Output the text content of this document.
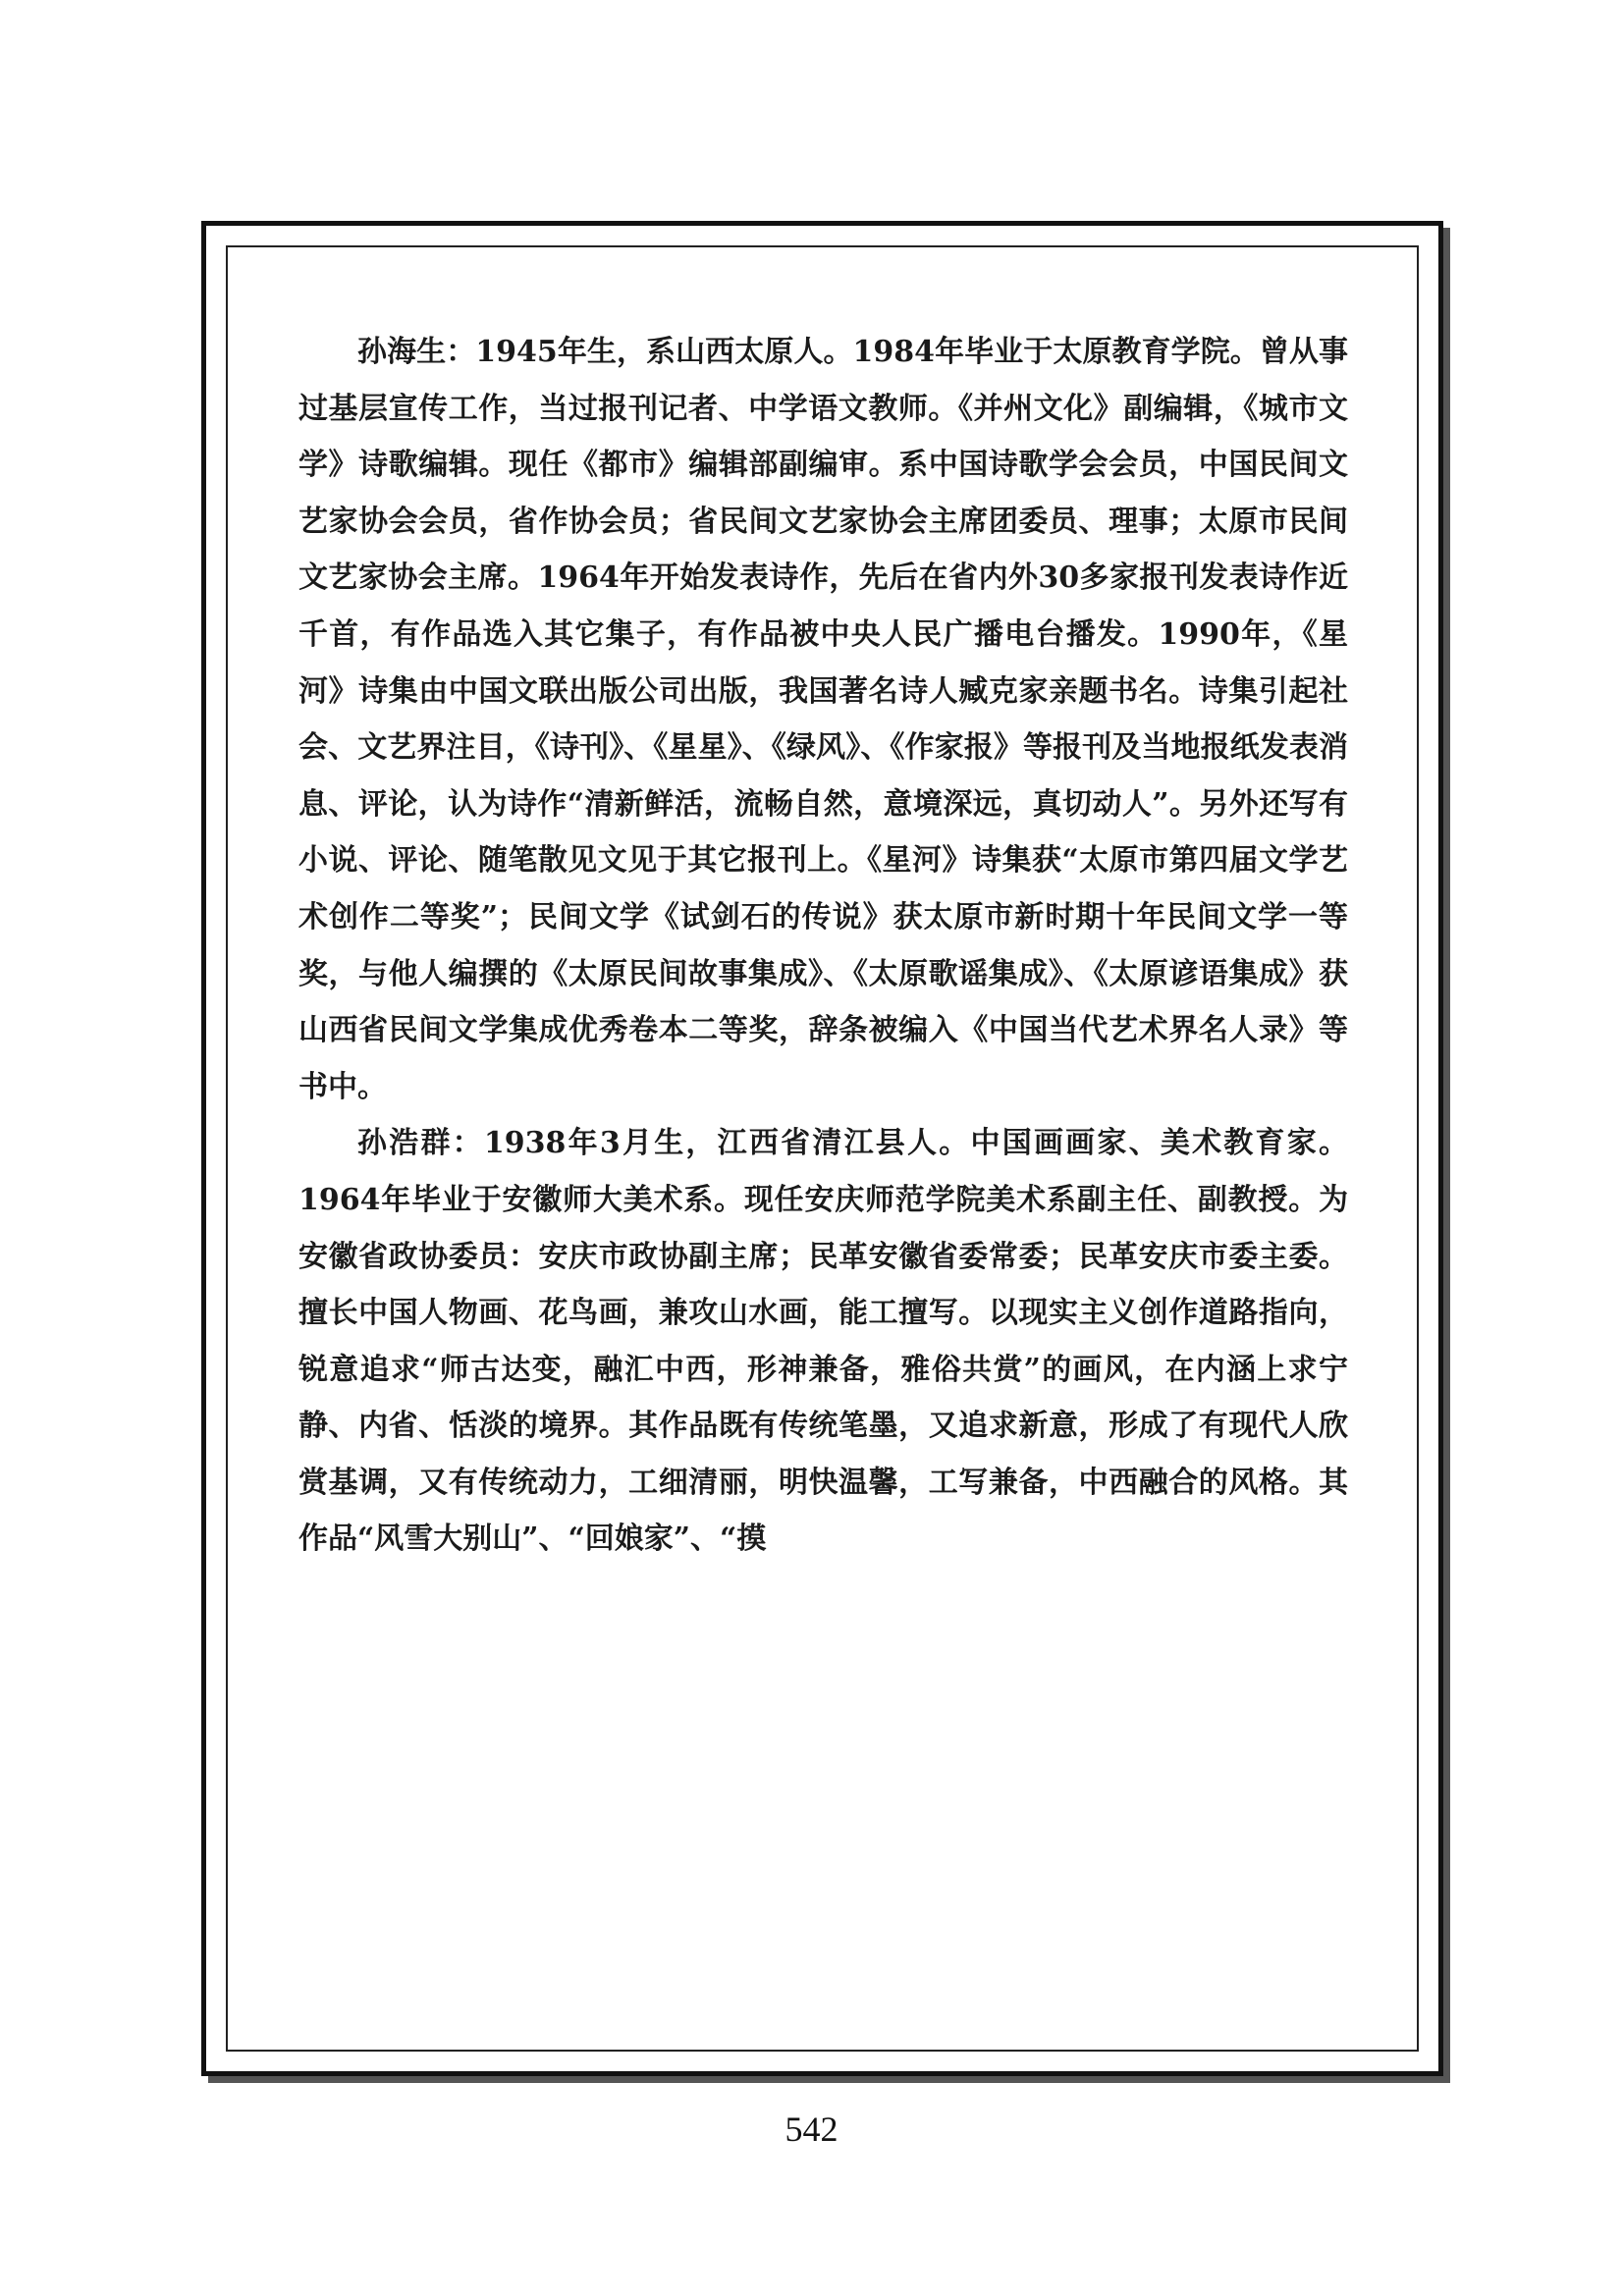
孙海生：1945年生，系山西太原人。1984年毕业于太原教育学院。曾从事过基层宣传工作，当过报刊记者、中学语文教师。《并州文化》副编辑，《城市文学》诗歌编辑。现任《都市》编辑部副编审。系中国诗歌学会会员，中国民间文艺家协会会员，省作协会员；省民间文艺家协会主席团委员、理事；太原市民间文艺家协会主席。1964年开始发表诗作，先后在省内外30多家报刊发表诗作近千首，有作品选入其它集子，有作品被中央人民广播电台播发。1990年，《星河》诗集由中国文联出版公司出版，我国著名诗人臧克家亲题书名。诗集引起社会、文艺界注目，《诗刊》、《星星》、《绿风》、《作家报》等报刊及当地报纸发表消息、评论，认为诗作“清新鲜活，流畅自然，意境深远，真切动人”。另外还写有小说、评论、随笔散见文见于其它报刊上。《星河》诗集获“太原市第四届文学艺术创作二等奖”；民间文学《试剑石的传说》获太原市新时期十年民间文学一等奖，与他人编撰的《太原民间故事集成》、《太原歌谣集成》、《太原谚语集成》获山西省民间文学集成优秀卷本二等奖，辞条被编入《中国当代艺术界名人录》等书中。

孙浩群：1938年3月生，江西省清江县人。中国画画家、美术教育家。1964年毕业于安徽师大美术系。现任安庆师范学院美术系副主任、副教授。为安徽省政协委员：安庆市政协副主席；民革安徽省委常委；民革安庆市委主委。擅长中国人物画、花鸟画，兼攻山水画，能工擅写。以现实主义创作道路指向，锐意追求“师古达变，融汇中西，形神兼备，雅俗共赏”的画风，在内涵上求宁静、内省、恬淡的境界。其作品既有传统笔墨，又追求新意，形成了有现代人欣赏基调，又有传统动力，工细清丽，明快温馨，工写兼备，中西融合的风格。其作品“风雪大别山”、“回娘家”、“摸

542
